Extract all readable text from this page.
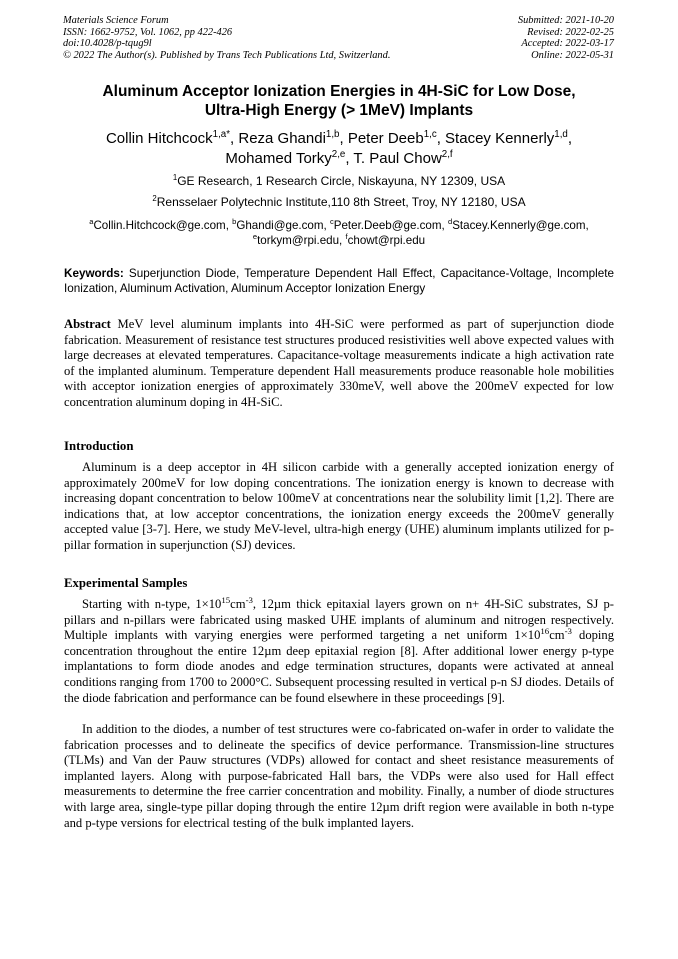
Materials Science Forum
ISSN: 1662-9752, Vol. 1062, pp 422-426
doi:10.4028/p-tqug9l
© 2022 The Author(s). Published by Trans Tech Publications Ltd, Switzerland.
Submitted: 2021-10-20
Revised: 2022-02-25
Accepted: 2022-03-17
Online: 2022-05-31
Aluminum Acceptor Ionization Energies in 4H-SiC for Low Dose,
Ultra-High Energy (> 1MeV) Implants
Collin Hitchcock$^{1,a*}$, Reza Ghandi$^{1,b}$, Peter Deeb$^{1,c}$, Stacey Kennerly$^{1,d}$,
Mohamed Torky$^{2,e}$, T. Paul Chow$^{2,f}$
$^1$GE Research, 1 Research Circle, Niskayuna, NY 12309, USA
$^2$Rensselaer Polytechnic Institute,110 8th Street, Troy, NY 12180, USA
$^a$Collin.Hitchcock@ge.com, $^b$Ghandi@ge.com, $^c$Peter.Deeb@ge.com, $^d$Stacey.Kennerly@ge.com,
$^e$torkym@rpi.edu, $^f$chowt@rpi.edu
Keywords: Superjunction Diode, Temperature Dependent Hall Effect, Capacitance-Voltage, Incomplete Ionization, Aluminum Activation, Aluminum Acceptor Ionization Energy
Abstract MeV level aluminum implants into 4H-SiC were performed as part of superjunction diode fabrication. Measurement of resistance test structures produced resistivities well above expected values with large decreases at elevated temperatures. Capacitance-voltage measurements indicate a high activation rate of the implanted aluminum. Temperature dependent Hall measurements produce reasonable hole mobilities with acceptor ionization energies of approximately 330meV, well above the 200meV expected for low concentration aluminum doping in 4H-SiC.
Introduction
Aluminum is a deep acceptor in 4H silicon carbide with a generally accepted ionization energy of approximately 200meV for low doping concentrations. The ionization energy is known to decrease with increasing dopant concentration to below 100meV at concentrations near the solubility limit [1,2]. There are indications that, at low acceptor concentrations, the ionization energy exceeds the 200meV generally accepted value [3-7]. Here, we study MeV-level, ultra-high energy (UHE) aluminum implants utilized for p-pillar formation in superjunction (SJ) devices.
Experimental Samples
Starting with n-type, $1\times 10^{15}cm^{-3}$, 12µm thick epitaxial layers grown on n+ 4H-SiC substrates, SJ p-pillars and n-pillars were fabricated using masked UHE implants of aluminum and nitrogen respectively. Multiple implants with varying energies were performed targeting a net uniform $1\times 10^{16}cm^{-3}$ doping concentration throughout the entire 12µm deep epitaxial region [8]. After additional lower energy p-type implantations to form diode anodes and edge termination structures, dopants were activated at anneal conditions ranging from 1700 to 2000°C. Subsequent processing resulted in vertical p-n SJ diodes. Details of the diode fabrication and performance can be found elsewhere in these proceedings [9].
In addition to the diodes, a number of test structures were co-fabricated on-wafer in order to validate the fabrication processes and to delineate the specifics of device performance. Transmission-line structures (TLMs) and Van der Pauw structures (VDPs) allowed for contact and sheet resistance measurements of implanted layers. Along with purpose-fabricated Hall bars, the VDPs were also used for Hall effect measurements to determine the free carrier concentration and mobility. Finally, a number of diode structures with large area, single-type pillar doping through the entire 12µm drift region were available in both n-type and p-type versions for electrical testing of the bulk implanted layers.
